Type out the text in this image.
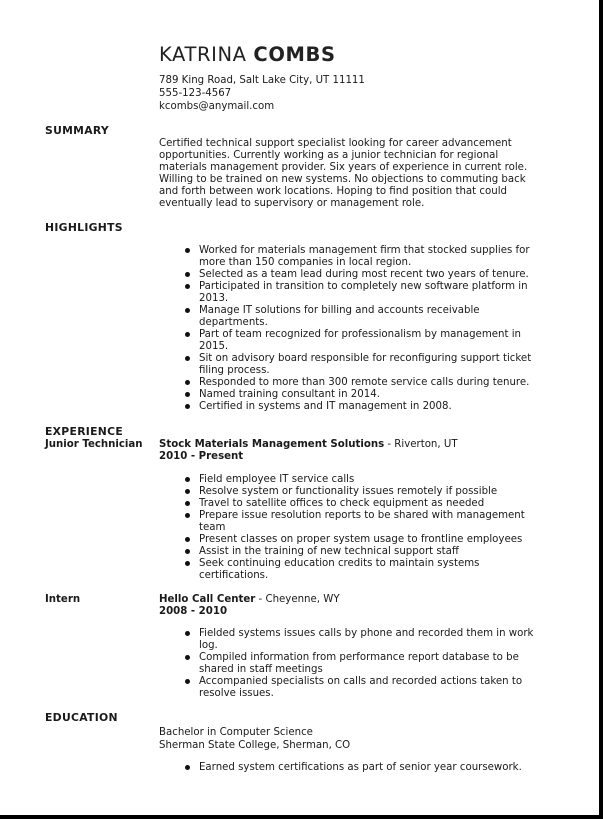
KATRINA COMBS
789 King Road, Salt Lake City, UT 11111
555-123-4567
kcombs@anymail.com
SUMMARY
Certified technical support specialist looking for career advancement opportunities. Currently working as a junior technician for regional materials management provider. Six years of experience in current role. Willing to be trained on new systems. No objections to commuting back and forth between work locations. Hoping to find position that could eventually lead to supervisory or management role.
HIGHLIGHTS
Worked for materials management firm that stocked supplies for more than 150 companies in local region.
Selected as a team lead during most recent two years of tenure.
Participated in transition to completely new software platform in 2013.
Manage IT solutions for billing and accounts receivable departments.
Part of team recognized for professionalism by management in 2015.
Sit on advisory board responsible for reconfiguring support ticket filing process.
Responded to more than 300 remote service calls during tenure.
Named training consultant in 2014.
Certified in systems and IT management in 2008.
EXPERIENCE
Junior Technician Stock Materials Management Solutions - Riverton, UT
2010 - Present
Field employee IT service calls
Resolve system or functionality issues remotely if possible
Travel to satellite offices to check equipment as needed
Prepare issue resolution reports to be shared with management team
Present classes on proper system usage to frontline employees
Assist in the training of new technical support staff
Seek continuing education credits to maintain systems certifications.
Intern	Hello Call Center - Cheyenne, WY
2008 - 2010
Fielded systems issues calls by phone and recorded them in work log.
Compiled information from performance report database to be shared in staff meetings
Accompanied specialists on calls and recorded actions taken to resolve issues.
EDUCATION
Bachelor in Computer Science
Sherman State College, Sherman, CO
Earned system certifications as part of senior year coursework.
